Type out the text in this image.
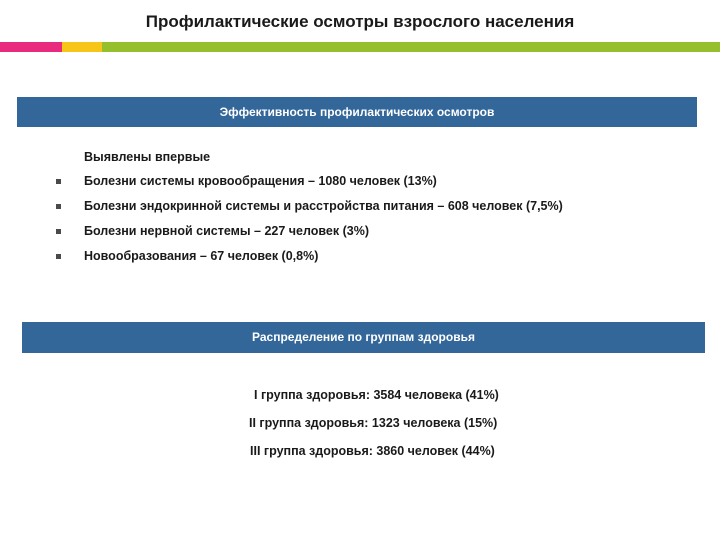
Профилактические осмотры взрослого населения
Эффективность профилактических осмотров
Выявлены впервые
Болезни системы кровообращения – 1080 человек (13%)
Болезни эндокринной системы и расстройства питания – 608 человек (7,5%)
Болезни нервной системы – 227 человек (3%)
Новообразования – 67 человек (0,8%)
Распределение по группам здоровья
I группа здоровья: 3584 человека (41%)
II группа здоровья: 1323 человека (15%)
III группа здоровья: 3860 человек (44%)
